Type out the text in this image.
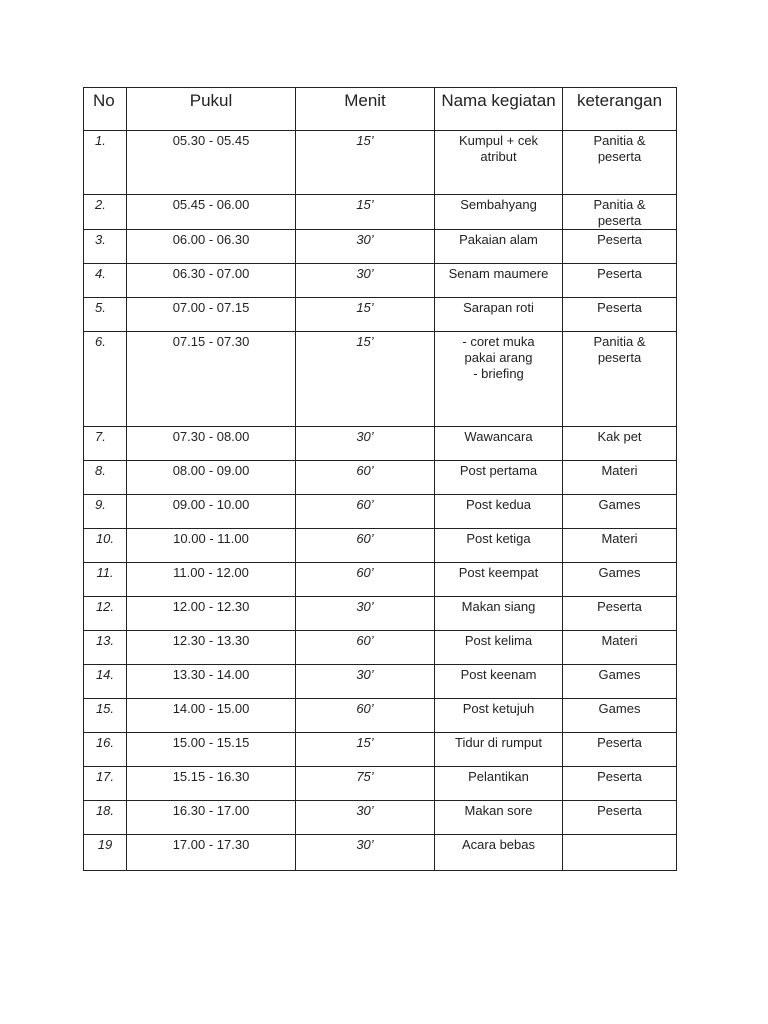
No	Pukul	Menit	Nama kegiatan	keterangan
1.	05.30 - 05.45	15’	Kumpul + cek
atribut	Panitia &
peserta
2.	05.45 - 06.00	15’	Sembahyang	Panitia &
peserta
3.	06.00 - 06.30	30’	Pakaian alam	Peserta
4.	06.30 - 07.00	30’	Senam maumere	Peserta
5.	07.00 - 07.15	15’	Sarapan roti	Peserta
6.	07.15 - 07.30	15’	- coret muka
pakai arang
- briefing	Panitia &
peserta
7.	07.30 - 08.00	30’	Wawancara	Kak pet
8.	08.00 - 09.00	60’	Post pertama	Materi
9.	09.00 - 10.00	60’	Post kedua	Games
10.	10.00 - 11.00	60’	Post ketiga	Materi
11.	11.00 - 12.00	60’	Post keempat	Games
12.	12.00 - 12.30	30’	Makan siang	Peserta
13.	12.30 - 13.30	60’	Post kelima	Materi
14.	13.30 - 14.00	30’	Post keenam	Games
15.	14.00 - 15.00	60’	Post ketujuh	Games
16.	15.00 - 15.15	15’	Tidur di rumput	Peserta
17.	15.15 - 16.30	75’	Pelantikan	Peserta
18.	16.30 - 17.00	30’	Makan sore	Peserta
19	17.00 - 17.30	30’	Acara bebas	
